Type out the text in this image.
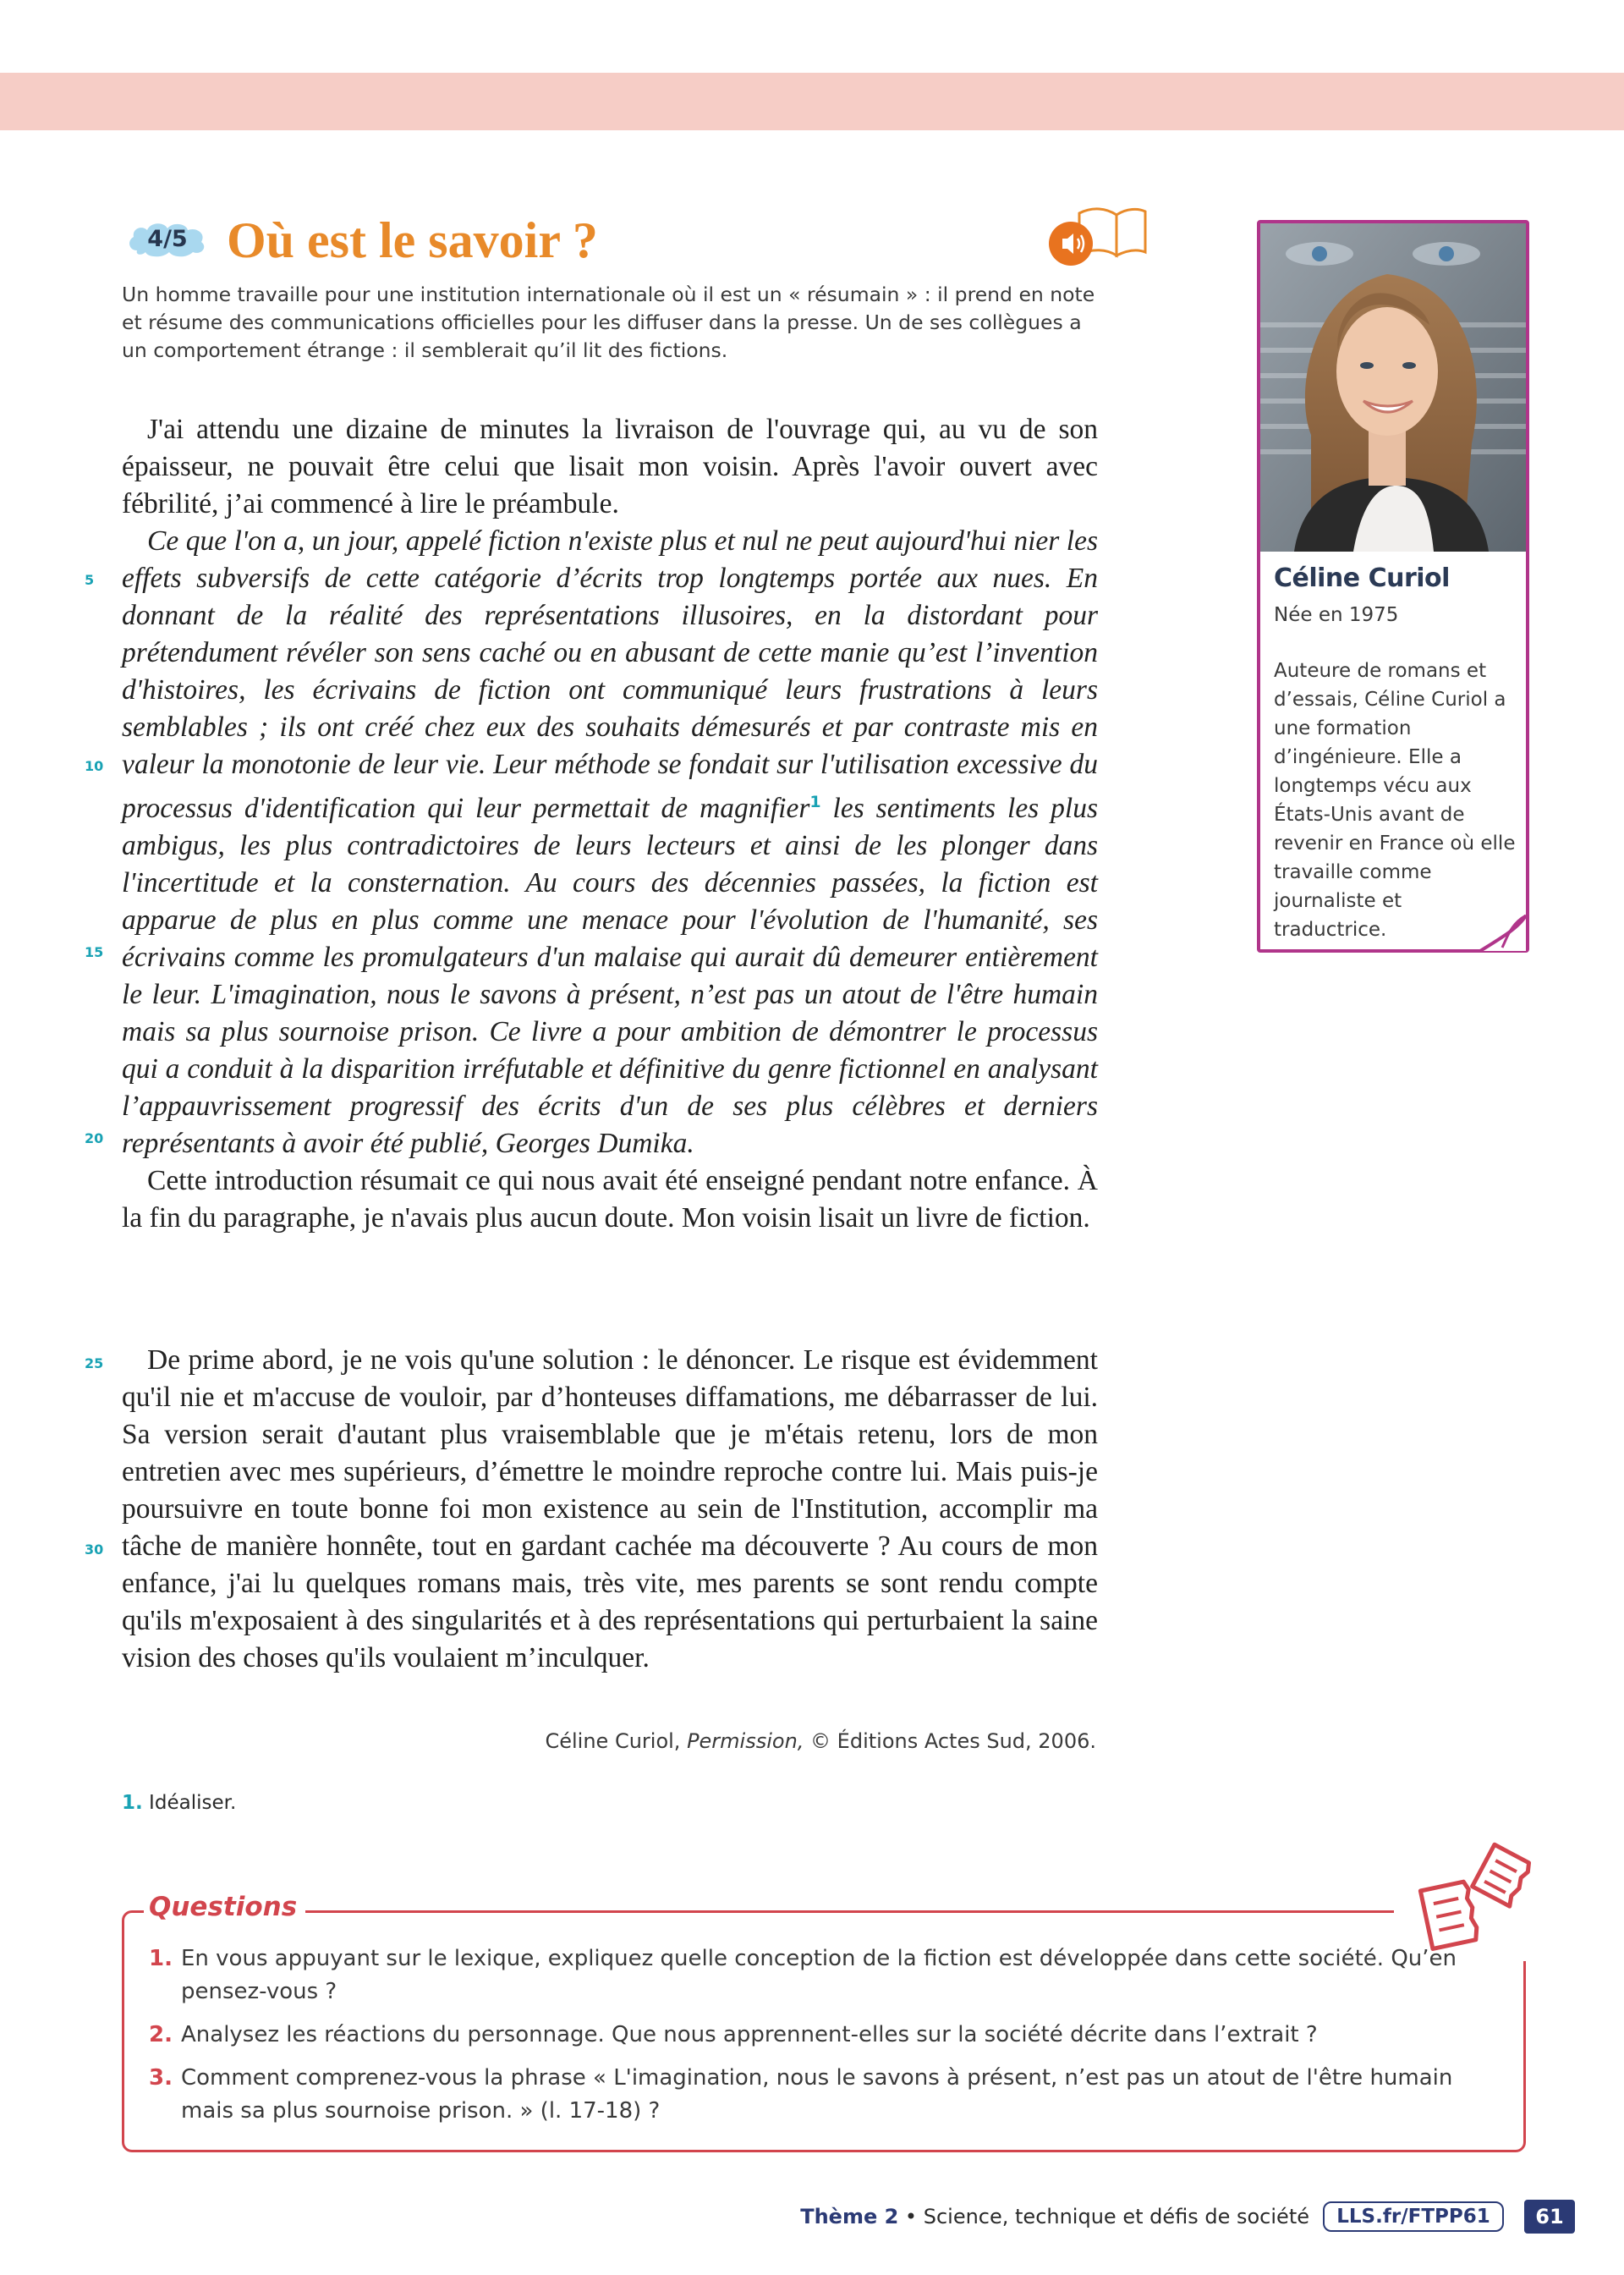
4/5 Où est le savoir ?

Un homme travaille pour une institution internationale où il est un « résumain » : il prend en note et résume des communications officielles pour les diffuser dans la presse. Un de ses collègues a un comportement étrange : il semblerait qu’il lit des fictions.

5
10
15
20
25
30

J'ai attendu une dizaine de minutes la livraison de l'ouvrage qui, au vu de son épaisseur, ne pouvait être celui que lisait mon voisin. Après l'avoir ouvert avec fébrilité, j’ai commencé à lire le préambule.

Ce que l'on a, un jour, appelé fiction n'existe plus et nul ne peut aujourd'hui nier les effets subversifs de cette catégorie d’écrits trop longtemps portée aux nues. En donnant de la réalité des représentations illusoires, en la distordant pour prétendument révéler son sens caché ou en abusant de cette manie qu’est l’invention d'histoires, les écrivains de fiction ont communiqué leurs frustrations à leurs semblables ; ils ont créé chez eux des souhaits démesurés et par contraste mis en valeur la monotonie de leur vie. Leur méthode se fondait sur l'utilisation excessive du processus d'identification qui leur permettait de magnifier$^1$ les sentiments les plus ambigus, les plus contradictoires de leurs lecteurs et ainsi de les plonger dans l'incertitude et la consternation. Au cours des décennies passées, la fiction est apparue de plus en plus comme une menace pour l'évolution de l'humanité, ses écrivains comme les promulgateurs d'un malaise qui aurait dû demeurer entièrement le leur. L'imagination, nous le savons à présent, n’est pas un atout de l'être humain mais sa plus sournoise prison. Ce livre a pour ambition de démontrer le processus qui a conduit à la disparition irréfutable et définitive du genre fictionnel en analysant l’appauvrissement progressif des écrits d'un de ses plus célèbres et derniers représentants à avoir été publié, Georges Dumika.

Cette introduction résumait ce qui nous avait été enseigné pendant notre enfance. À la fin du paragraphe, je n'avais plus aucun doute. Mon voisin lisait un livre de fiction.

De prime abord, je ne vois qu'une solution : le dénoncer. Le risque est évidemment qu'il nie et m'accuse de vouloir, par d’honteuses diffamations, me débarrasser de lui. Sa version serait d'autant plus vraisemblable que je m'étais retenu, lors de mon entretien avec mes supérieurs, d’émettre le moindre reproche contre lui. Mais puis-je poursuivre en toute bonne foi mon existence au sein de l'Institution, accomplir ma tâche de manière honnête, tout en gardant cachée ma découverte ? Au cours de mon enfance, j'ai lu quelques romans mais, très vite, mes parents se sont rendu compte qu'ils m'exposaient à des singularités et à des représentations qui perturbaient la saine vision des choses qu'ils voulaient m’inculquer.

Céline Curiol, Permission, © Éditions Actes Sud, 2006.
1. Idéaliser.
Céline Curiol
Née en 1975
Auteure de romans et d’essais, Céline Curiol a une formation d’ingénieure. Elle a longtemps vécu aux États-Unis avant de revenir en France où elle travaille comme journaliste et traductrice.
Questions
1. En vous appuyant sur le lexique, expliquez quelle conception de la fiction est développée dans cette société. Qu’en pensez-vous ?
2. Analysez les réactions du personnage. Que nous apprennent-elles sur la société décrite dans l’extrait ?
3. Comment comprenez-vous la phrase « L'imagination, nous le savons à présent, n’est pas un atout de l'être humain mais sa plus sournoise prison. » (l. 17-18) ?
Thème 2 • Science, technique et défis de société	LLS.fr/FTPP61	61
